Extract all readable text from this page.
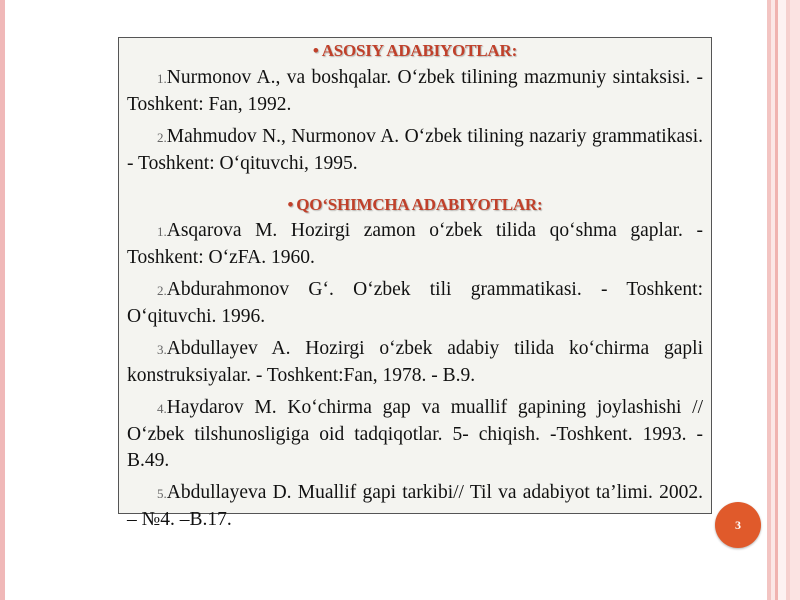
• ASOSIY ADABIYOTLAR:

1.Nurmonov A., va boshqalar. O‘zbek tilining mazmuniy sintaksisi. - Toshkent: Fan, 1992.

2.Mahmudov N., Nurmonov A. O‘zbek tilining nazariy grammatikasi. - Toshkent: O‘qituvchi, 1995.

• QO‘SHIMCHA ADABIYOTLAR:

1.Asqarova M. Hozirgi zamon o‘zbek tilida qo‘shma gaplar. - Toshkent: O‘zFA. 1960.

2.Abdurahmonov G‘. O‘zbek tili grammatikasi. - Toshkent: O‘qituvchi. 1996.

3.Abdullayev A. Hozirgi o‘zbek adabiy tilida ko‘chirma gapli konstruksiyalar. - Toshkent:Fan, 1978. - B.9.

4.Haydarov M. Ko‘chirma gap va muallif gapining joylashishi // O‘zbek tilshunosligiga oid tadqiqotlar. 5- chiqish. -Toshkent. 1993. - B.49.

5.Abdullayeva D. Muallif gapi tarkibi// Til va adabiyot ta’limi. 2002. – №4. –B.17.	3
